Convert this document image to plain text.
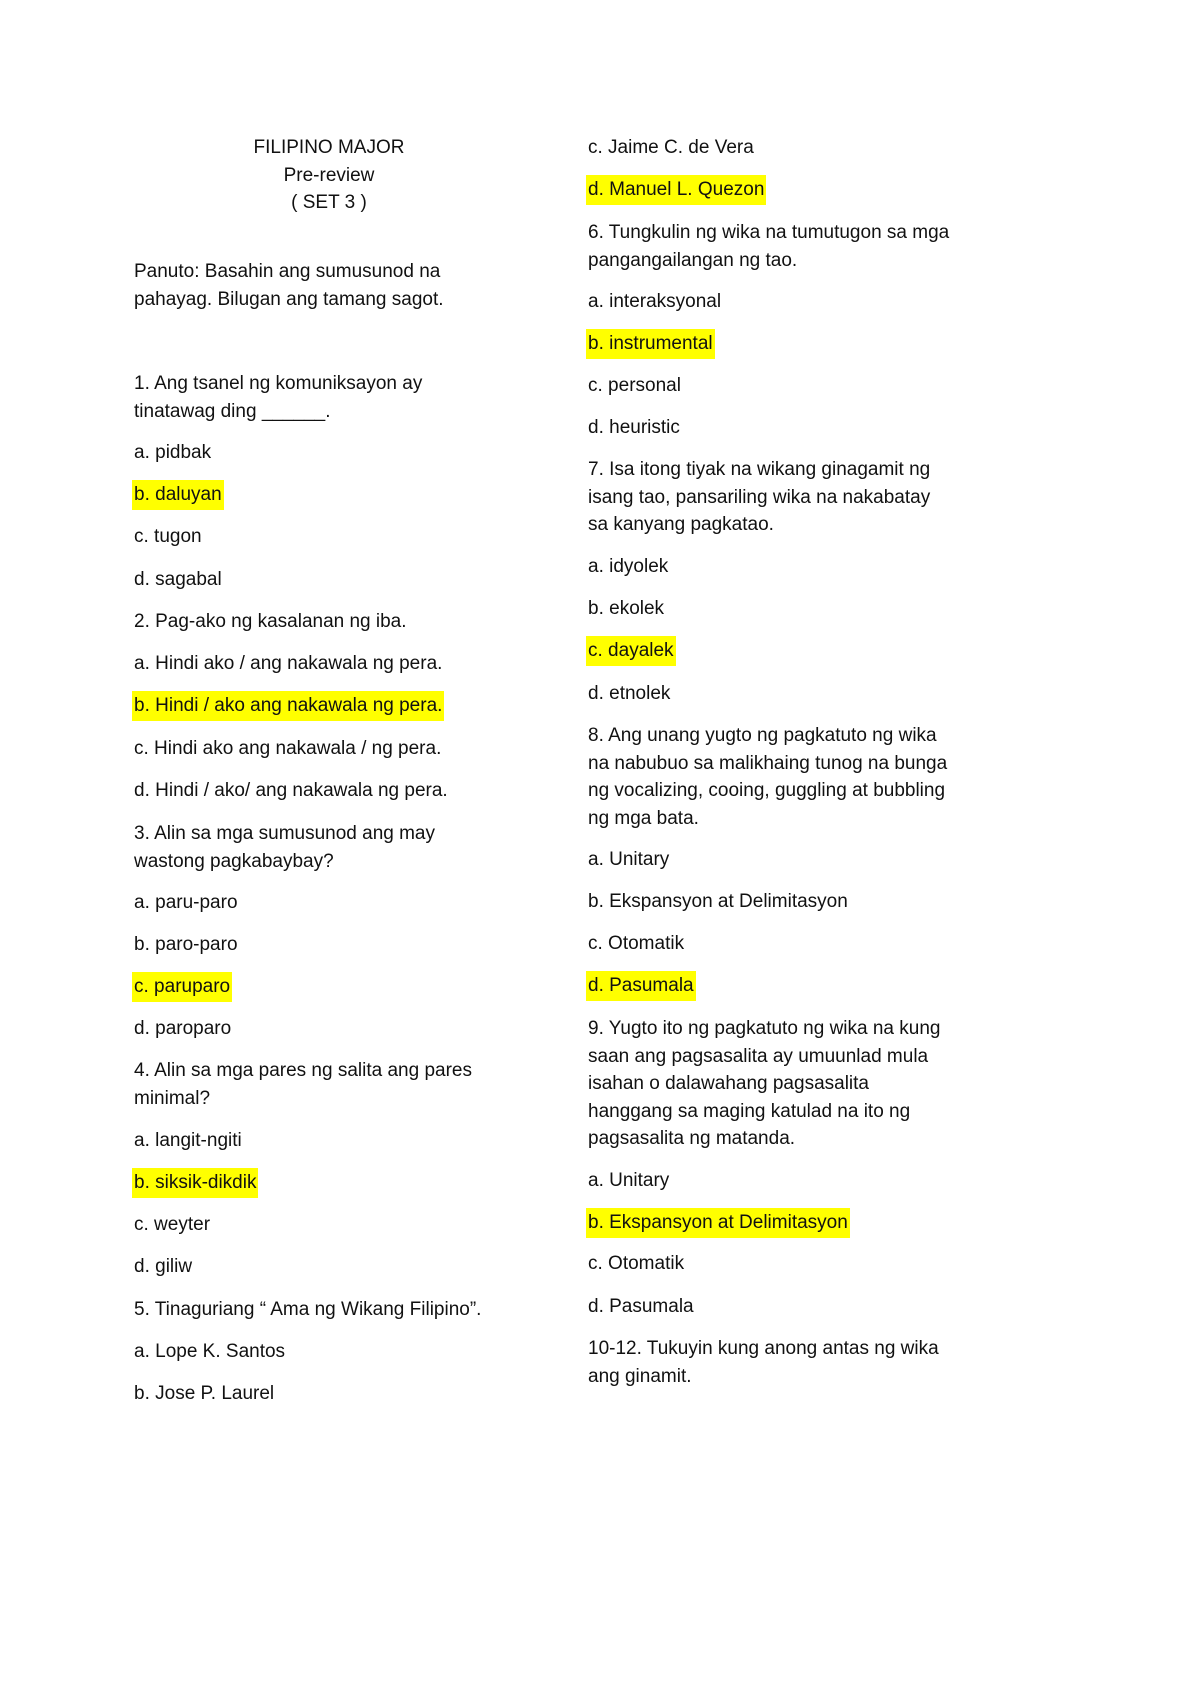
FILIPINO MAJOR
Pre-review
( SET 3 )
Panuto: Basahin ang sumusunod na
pahayag. Bilugan ang tamang sagot.
1. Ang tsanel ng komuniksayon ay
tinatawag ding ______.
a. pidbak
b. daluyan
c. tugon
d. sagabal
2. Pag-ako ng kasalanan ng iba.
a. Hindi ako / ang nakawala ng pera.
b. Hindi / ako ang nakawala ng pera.
c. Hindi ako ang nakawala / ng pera.
d. Hindi / ako/ ang nakawala ng pera.
3. Alin sa mga sumusunod ang may
wastong pagkabaybay?
a. paru-paro
b. paro-paro
c. paruparo
d. paroparo
4. Alin sa mga pares ng salita ang pares
minimal?
a. langit-ngiti
b. siksik-dikdik
c. weyter
d. giliw
5. Tinaguriang “ Ama ng Wikang Filipino”.
a. Lope K. Santos
b. Jose P. Laurel
c. Jaime C. de Vera
d. Manuel L. Quezon
6. Tungkulin ng wika na tumutugon sa mga
pangangailangan ng tao.
a. interaksyonal
b. instrumental
c. personal
d. heuristic
7. Isa itong tiyak na wikang ginagamit ng
isang tao, pansariling wika na nakabatay
sa kanyang pagkatao.
a. idyolek
b. ekolek
c. dayalek
d. etnolek
8. Ang unang yugto ng pagkatuto ng wika
na nabubuo sa malikhaing tunog na bunga
ng vocalizing, cooing, guggling at bubbling
ng mga bata.
a. Unitary
b. Ekspansyon at Delimitasyon
c. Otomatik
d. Pasumala
9. Yugto ito ng pagkatuto ng wika na kung
saan ang pagsasalita ay umuunlad mula
isahan o dalawahang pagsasalita
hanggang sa maging katulad na ito ng
pagsasalita ng matanda.
a. Unitary
b. Ekspansyon at Delimitasyon
c. Otomatik
d. Pasumala
10-12. Tukuyin kung anong antas ng wika
ang ginamit.
